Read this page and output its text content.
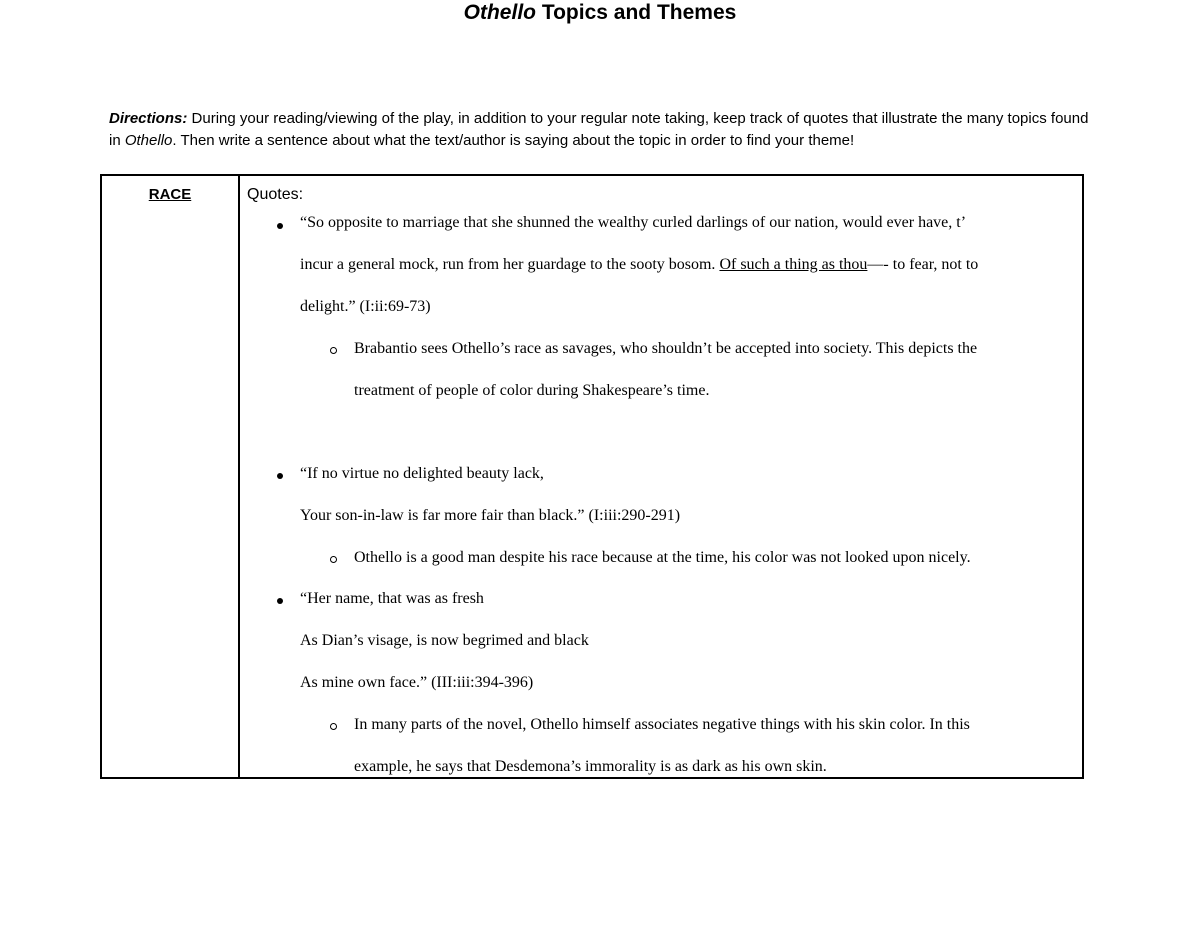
Othello Topics and Themes
Directions: During your reading/viewing of the play, in addition to your regular note taking, keep track of quotes that illustrate the many topics found in Othello. Then write a sentence about what the text/author is saying about the topic in order to find your theme!
RACE	Quotes:
“So opposite to marriage that she shunned the wealthy curled darlings of our nation, would ever have, t’
incur a general mock, run from her guardage to the sooty bosom. Of such a thing as thou—- to fear, not to
delight.” (I:ii:69-73)
Brabantio sees Othello’s race as savages, who shouldn’t be accepted into society. This depicts the
treatment of people of color during Shakespeare’s time.
“If no virtue no delighted beauty lack,
Your son-in-law is far more fair than black.” (I:iii:290-291)
Othello is a good man despite his race because at the time, his color was not looked upon nicely.
“Her name, that was as fresh
As Dian’s visage, is now begrimed and black
As mine own face.” (III:iii:394-396)
In many parts of the novel, Othello himself associates negative things with his skin color. In this
example, he says that Desdemona’s immorality is as dark as his own skin.
